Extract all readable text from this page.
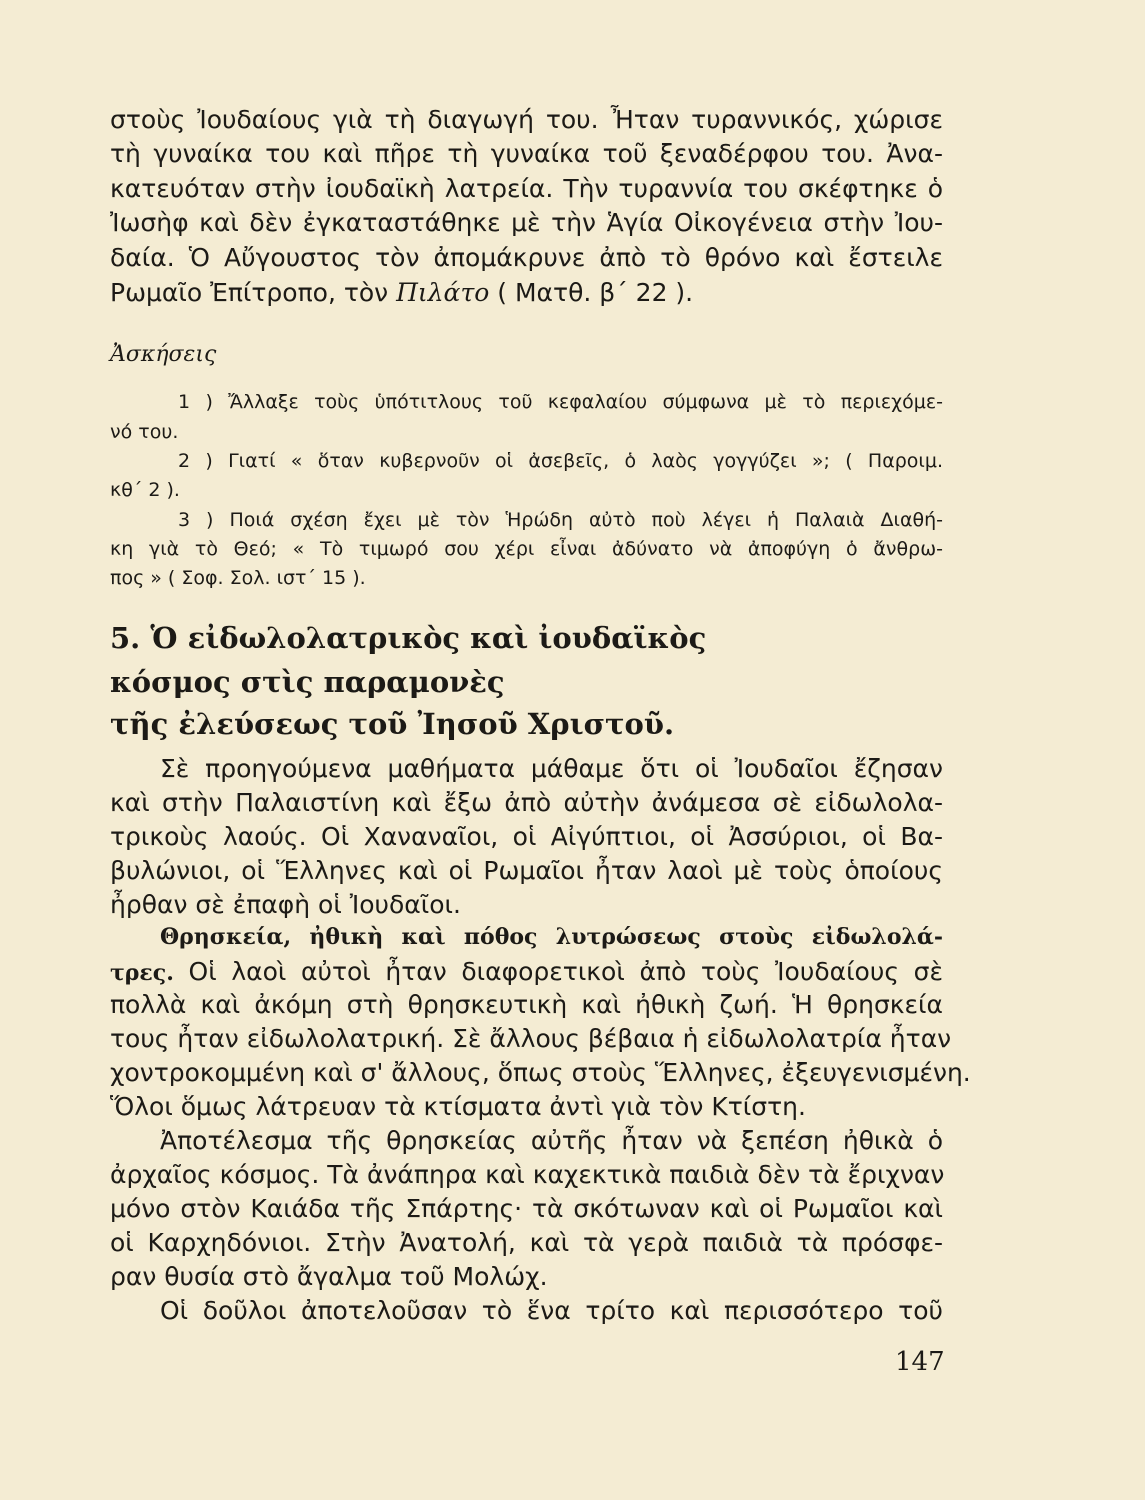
στοὺς Ἰουδαίους γιὰ τὴ διαγωγή του. Ἦταν τυραννικός, χώρισε

τὴ γυναίκα του καὶ πῆρε τὴ γυναίκα τοῦ ξεναδέρφου του. Ἀνα-

κατευόταν στὴν ἰουδαϊκὴ λατρεία. Τὴν τυραννία του σκέφτηκε ὁ

Ἰωσὴφ καὶ δὲν ἐγκαταστάθηκε μὲ τὴν Ἁγία Οἰκογένεια στὴν Ἰου-

δαία. Ὁ Αὔγουστος τὸν ἀπομάκρυνε ἀπὸ τὸ θρόνο καὶ ἔστειλε

Ρωμαῖο Ἐπίτροπο, τὸν Πιλάτο ( Ματθ. β΄ 22 ).

Ἀσκήσεις

1 ) Ἄλλαξε τοὺς ὑπότιτλους τοῦ κεφαλαίου σύμφωνα μὲ τὸ περιεχόμε-

νό του.

2 ) Γιατί « ὅταν κυβερνοῦν οἱ ἀσεβεῖς, ὁ λαὸς γογγύζει »; ( Παροιμ.

κθ΄ 2 ).

3 ) Ποιά σχέση ἔχει μὲ τὸν Ἡρώδη αὐτὸ ποὺ λέγει ἡ Παλαιὰ Διαθή-

κη γιὰ τὸ Θεό; « Τὸ τιμωρό σου χέρι εἶναι ἀδύνατο νὰ ἀποφύγη ὁ ἄνθρω-

πος » ( Σοφ. Σολ. ιστ΄ 15 ).

5. Ὁ εἰδωλολατρικὸς καὶ ἰουδαϊκὸς

κόσμος στὶς παραμονὲς

τῆς ἐλεύσεως τοῦ Ἰησοῦ Χριστοῦ.

Σὲ προηγούμενα μαθήματα μάθαμε ὅτι οἱ Ἰουδαῖοι ἔζησαν

καὶ στὴν Παλαιστίνη καὶ ἔξω ἀπὸ αὐτὴν ἀνάμεσα σὲ εἰδωλολα-

τρικοὺς λαούς. Οἱ Χαναναῖοι, οἱ Αἰγύπτιοι, οἱ Ἀσσύριοι, οἱ Βα-

βυλώνιοι, οἱ Ἕλληνες καὶ οἱ Ρωμαῖοι ἦταν λαοὶ μὲ τοὺς ὁποίους

ἦρθαν σὲ ἐπαφὴ οἱ Ἰουδαῖοι.

Θρησκεία, ἠθικὴ καὶ πόθος λυτρώσεως στοὺς εἰδωλολά-

τρες. Οἱ λαοὶ αὐτοὶ ἦταν διαφορετικοὶ ἀπὸ τοὺς Ἰουδαίους σὲ

πολλὰ καὶ ἀκόμη στὴ θρησκευτικὴ καὶ ἠθικὴ ζωή. Ἡ θρησκεία

τους ἦταν εἰδωλολατρική. Σὲ ἄλλους βέβαια ἡ εἰδωλολατρία ἦταν

χοντροκομμένη καὶ σ' ἄλλους, ὅπως στοὺς Ἕλληνες, ἐξευγενισμένη.

Ὅλοι ὅμως λάτρευαν τὰ κτίσματα ἀντὶ γιὰ τὸν Κτίστη.

Ἀποτέλεσμα τῆς θρησκείας αὐτῆς ἦταν νὰ ξεπέση ἠθικὰ ὁ

ἀρχαῖος κόσμος. Τὰ ἀνάπηρα καὶ καχεκτικὰ παιδιὰ δὲν τὰ ἔριχναν

μόνο στὸν Καιάδα τῆς Σπάρτης· τὰ σκότωναν καὶ οἱ Ρωμαῖοι καὶ

οἱ Καρχηδόνιοι. Στὴν Ἀνατολή, καὶ τὰ γερὰ παιδιὰ τὰ πρόσφε-

ραν θυσία στὸ ἄγαλμα τοῦ Μολώχ.

Οἱ δοῦλοι ἀποτελοῦσαν τὸ ἕνα τρίτο καὶ περισσότερο τοῦ

147
